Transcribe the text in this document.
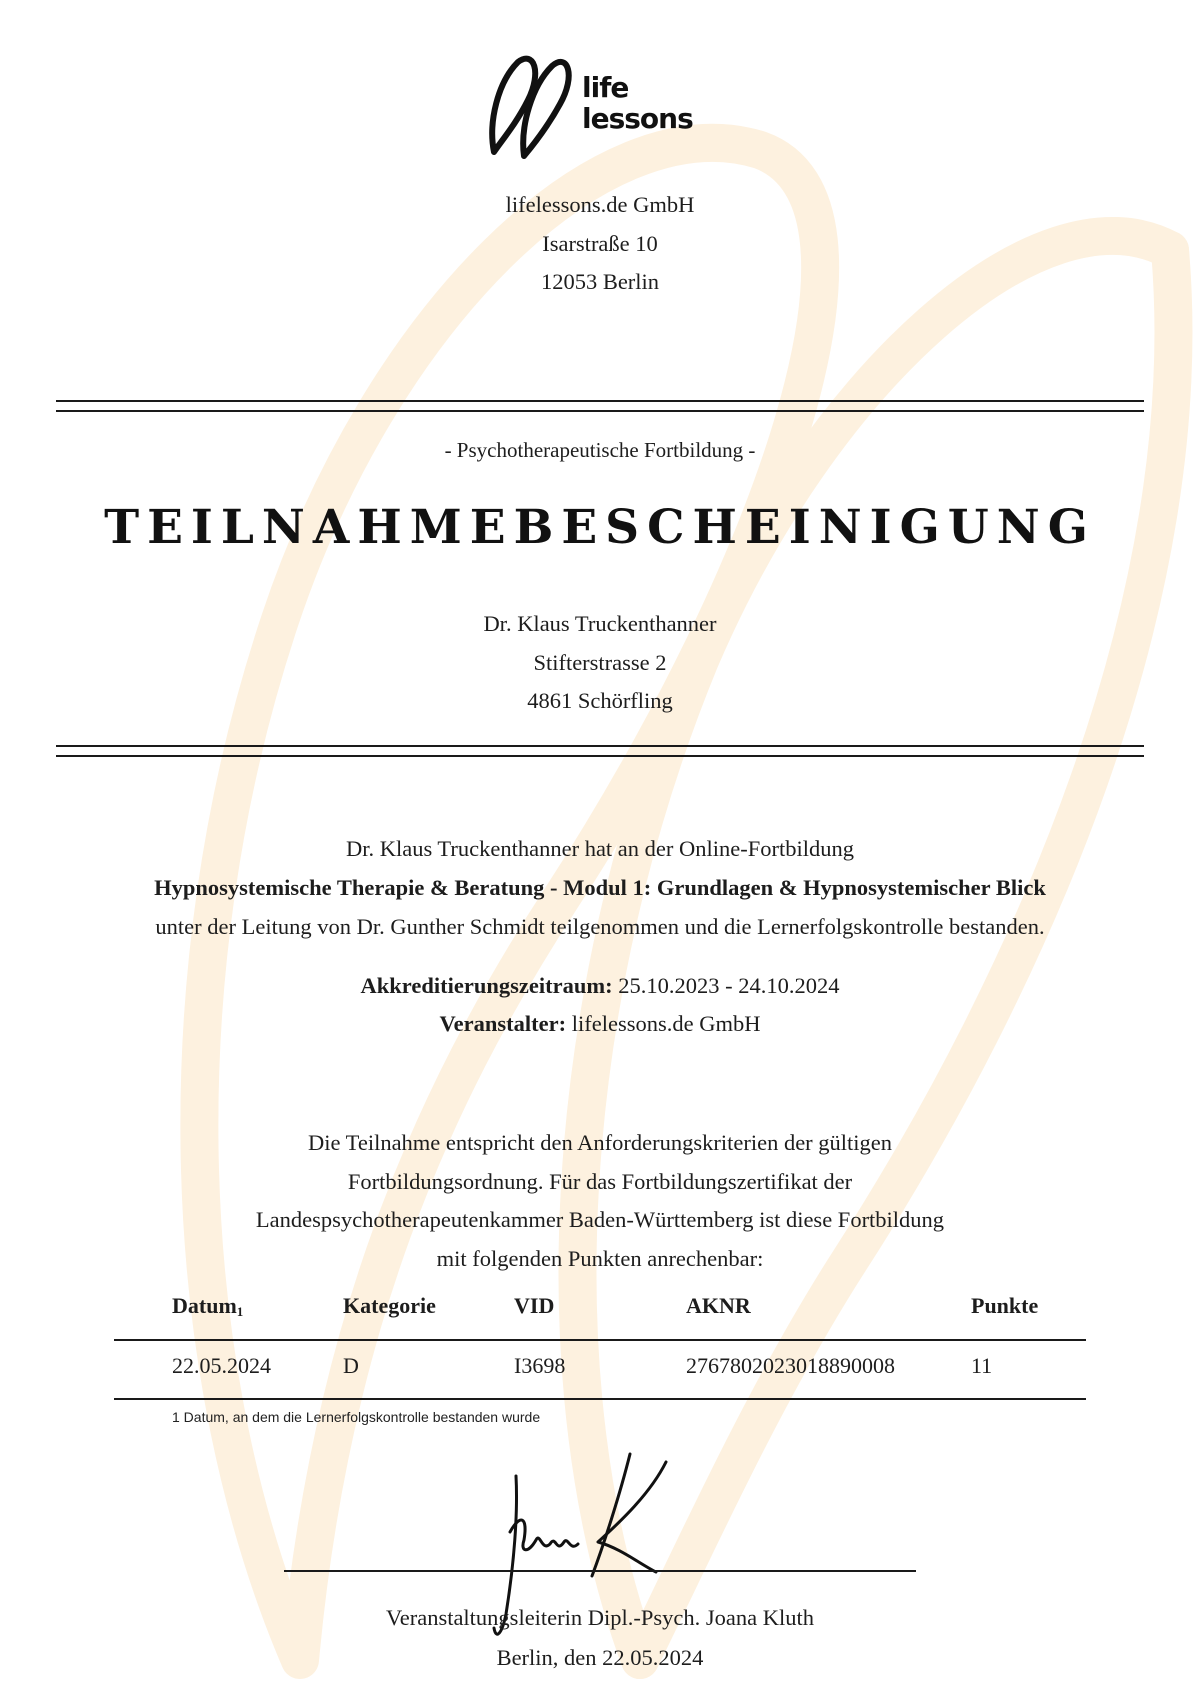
life
lessons
lifelessons.de GmbH
Isarstraße 10
12053 Berlin
- Psychotherapeutische Fortbildung -
TEILNAHMEBESCHEINIGUNG
Dr. Klaus Truckenthanner
Stifterstrasse 2
4861 Schörfling
Dr. Klaus Truckenthanner hat an der Online-Fortbildung
Hypnosystemische Therapie & Beratung - Modul 1: Grundlagen & Hypnosystemischer Blick
unter der Leitung von Dr. Gunther Schmidt teilgenommen und die Lernerfolgskontrolle bestanden.
Akkreditierungszeitraum: 25.10.2023 - 24.10.2024
Veranstalter: lifelessons.de GmbH
Die Teilnahme entspricht den Anforderungskriterien der gültigen
Fortbildungsordnung. Für das Fortbildungszertifikat der
Landespsychotherapeutenkammer Baden-Württemberg ist diese Fortbildung
mit folgenden Punkten anrechenbar:
Datum$^1$	Kategorie	VID	AKNR	Punkte
22.05.2024	D	I3698	2767802023018890008	11
1 Datum, an dem die Lernerfolgskontrolle bestanden wurde
Veranstaltungsleiterin Dipl.-Psych. Joana Kluth
Berlin, den 22.05.2024
